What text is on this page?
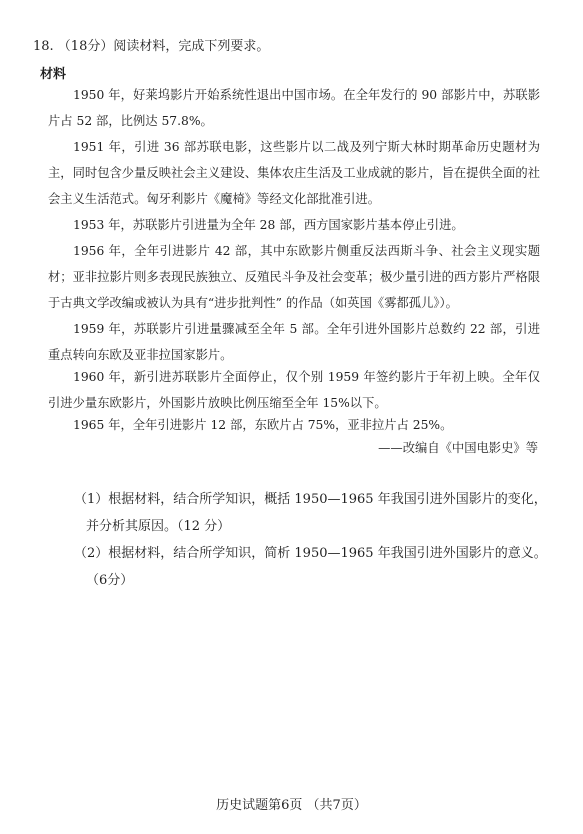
18. （18分）阅读材料，完成下列要求。
材料

1950 年，好莱坞影片开始系统性退出中国市场。在全年发行的 90 部影片中，苏联影片占 52 部，比例达 57.8%。

1951 年，引进 36 部苏联电影，这些影片以二战及列宁斯大林时期革命历史题材为主，同时包含少量反映社会主义建设、集体农庄生活及工业成就的影片，旨在提供全面的社会主义生活范式。匈牙利影片《魔椅》等经文化部批准引进。

1953 年，苏联影片引进量为全年 28 部，西方国家影片基本停止引进。

1956 年，全年引进影片 42 部，其中东欧影片侧重反法西斯斗争、社会主义现实题材；亚非拉影片则多表现民族独立、反殖民斗争及社会变革；极少量引进的西方影片严格限于古典文学改编或被认为具有“进步批判性” 的作品（如英国《雾都孤儿》）。

1959 年，苏联影片引进量骤减至全年 5 部。全年引进外国影片总数约 22 部，引进重点转向东欧及亚非拉国家影片。

1960 年，新引进苏联影片全面停止，仅个别 1959 年签约影片于年初上映。全年仅引进少量东欧影片，外国影片放映比例压缩至全年 15%以下。

1965 年，全年引进影片 12 部，东欧片占 75%，亚非拉片占 25%。

——改编自《中国电影史》等

（1）根据材料，结合所学知识，概括 1950—1965 年我国引进外国影片的变化，并分析其原因。（12 分）

（2）根据材料，结合所学知识，简析 1950—1965 年我国引进外国影片的意义。（6分）

历史试题第6页 （共7页）
